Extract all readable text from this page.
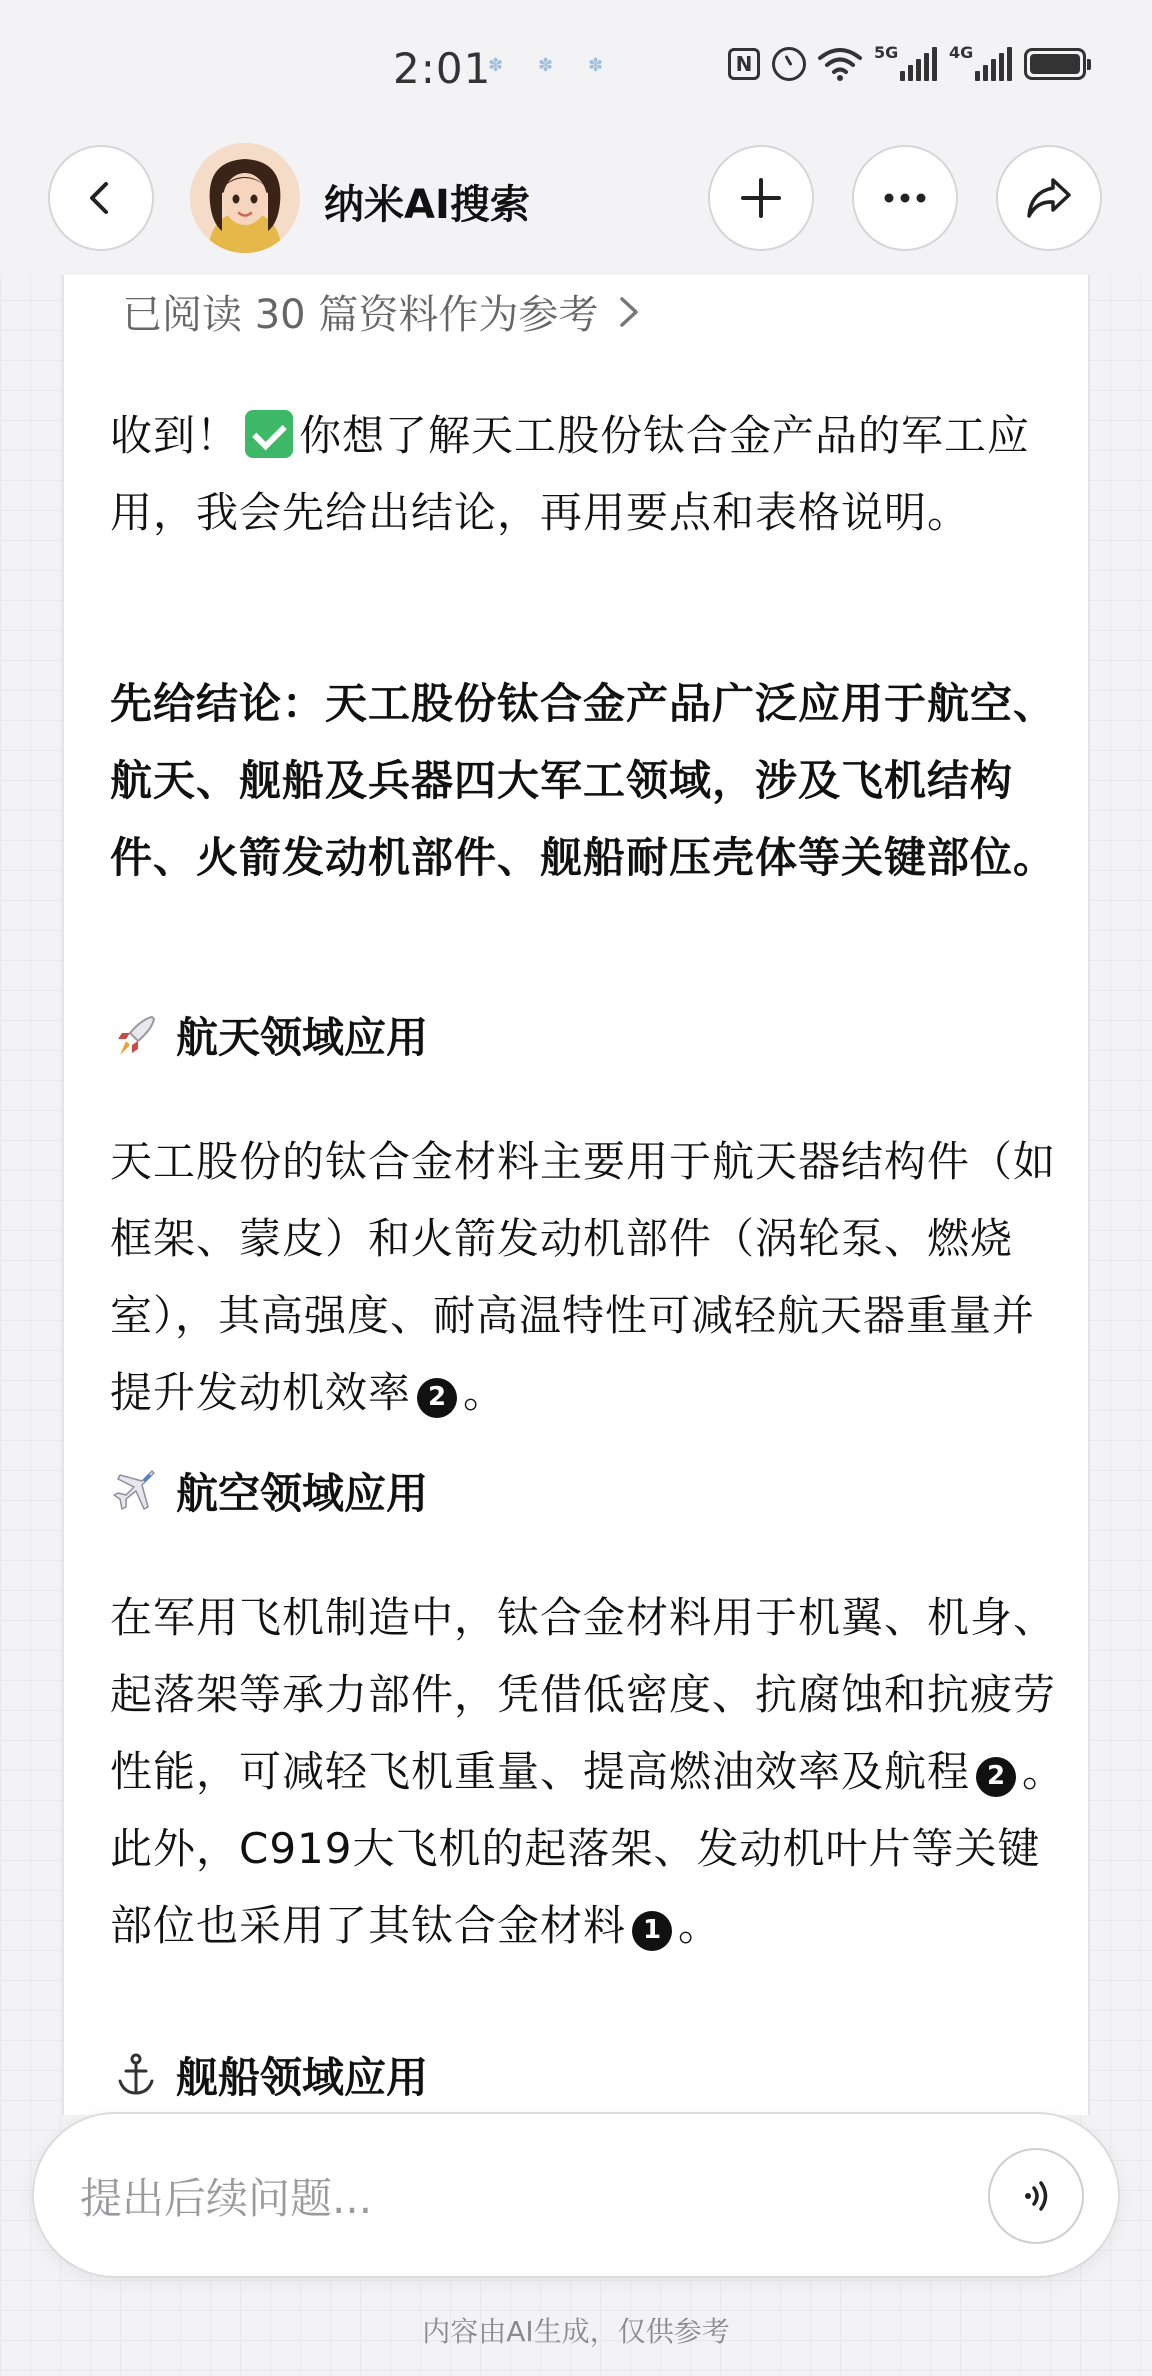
2:01
✽	✽	✽	N	5G	4G
纳米AI搜索
已阅读 30 篇资料作为参考
收到！ 你想了解天工股份钛合金产品的军工应用，我会先给出结论，再用要点和表格说明。
先给结论：天工股份钛合金产品广泛应用于航空、航天、舰船及兵器四大军工领域，涉及飞机结构件、火箭发动机部件、舰船耐压壳体等关键部位。
航天领域应用
天工股份的钛合金材料主要用于航天器结构件（如框架、蒙皮）和火箭发动机部件（涡轮泵、燃烧室），其高强度、耐高温特性可减轻航天器重量并提升发动机效率 2 。
航空领域应用
在军用飞机制造中，钛合金材料用于机翼、机身、起落架等承力部件，凭借低密度、抗腐蚀和抗疲劳性能，可减轻飞机重量、提高燃油效率及航程 2 。此外，C919大飞机的起落架、发动机叶片等关键部位也采用了其钛合金材料 1 。
舰船领域应用
提出后续问题...
内容由AI生成，仅供参考
